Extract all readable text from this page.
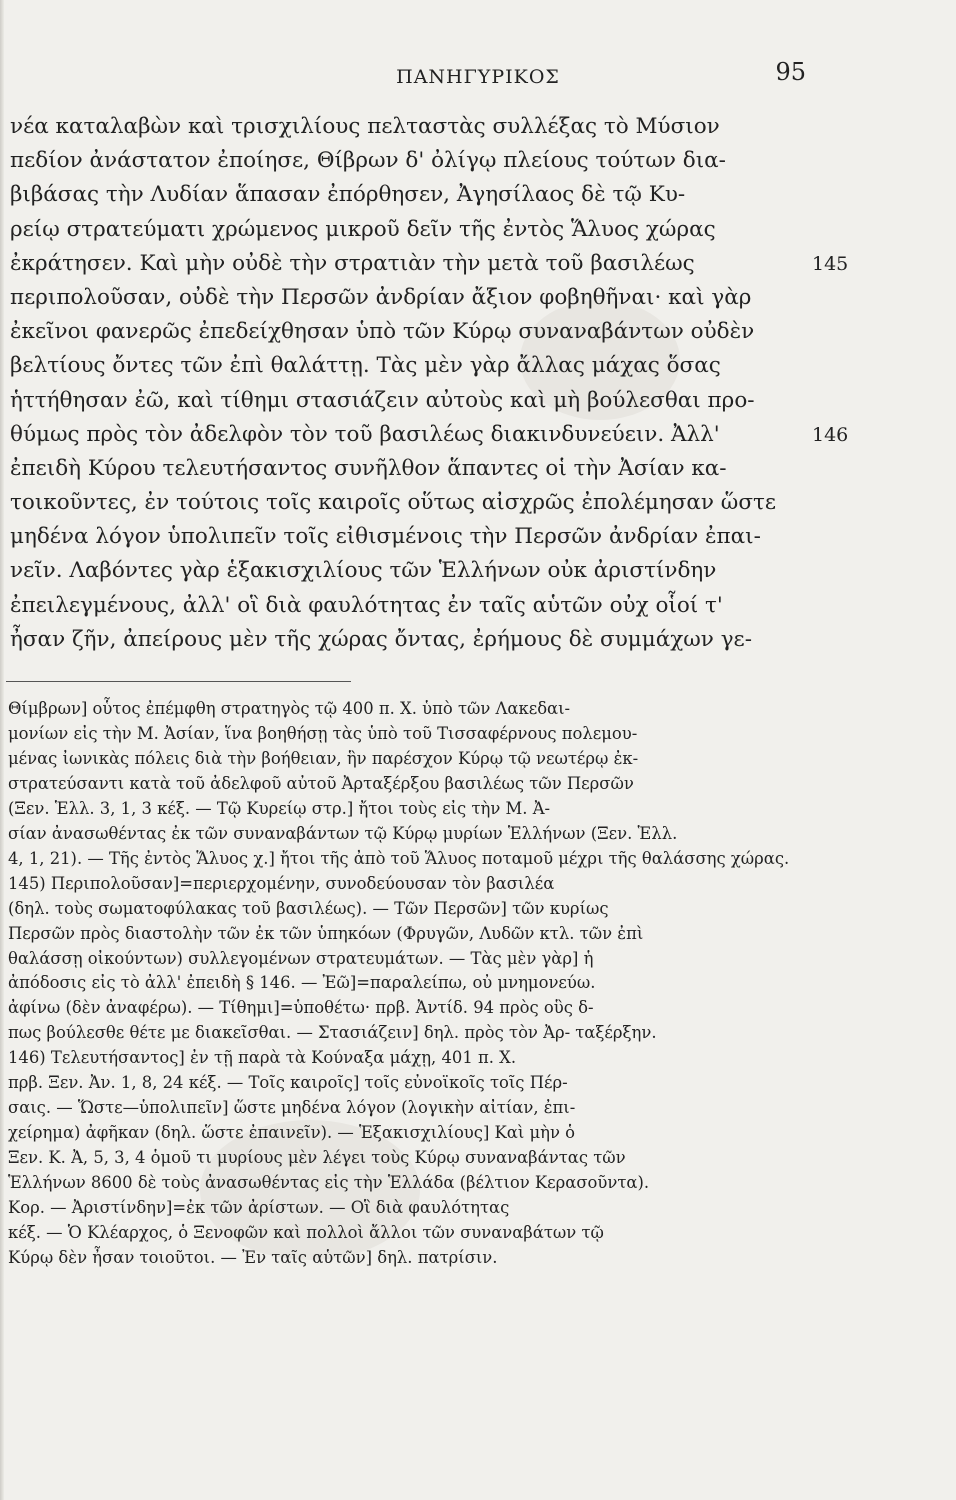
ΠΑΝΗΓΥΡΙΚΟΣ	95
νέα καταλαβὼν καὶ τρισχιλίους πελταστὰς συλλέξας τὸ Μύσιον πεδίον ἀνάστατον ἐποίησε, Θίβρων δ' ὀλίγῳ πλείους τούτων δια- βιβάσας τὴν Λυδίαν ἅπασαν ἐπόρθησεν, Ἀγησίλαος δὲ τῷ Κυ- ρείῳ στρατεύματι χρώμενος μικροῦ δεῖν τῆς ἐντὸς Ἅλυος χώρας
ἐκράτησεν. Καὶ μὴν οὐδὲ τὴν στρατιὰν τὴν μετὰ τοῦ βασιλέως	145
περιπολοῦσαν, οὐδὲ τὴν Περσῶν ἀνδρίαν ἄξιον φοβηθῆναι· καὶ γὰρ ἐκεῖνοι φανερῶς ἐπεδείχθησαν ὑπὸ τῶν Κύρῳ συναναβάντων οὐδὲν βελτίους ὄντες τῶν ἐπὶ θαλάττῃ. Τὰς μὲν γὰρ ἄλλας μάχας ὅσας ἡττήθησαν ἐῶ, καὶ τίθημι στασιάζειν αὐτοὺς καὶ μὴ βούλεσθαι προ-
θύμως πρὸς τὸν ἀδελφὸν τὸν τοῦ βασιλέως διακινδυνεύειν. Ἀλλ'	146
ἐπειδὴ Κύρου τελευτήσαντος συνῆλθον ἅπαντες οἱ τὴν Ἀσίαν κα- τοικοῦντες, ἐν τούτοις τοῖς καιροῖς οὕτως αἰσχρῶς ἐπολέμησαν ὥστε μηδένα λόγον ὑπολιπεῖν τοῖς εἰθισμένοις τὴν Περσῶν ἀνδρίαν ἐπαι- νεῖν. Λαβόντες γὰρ ἑξακισχιλίους τῶν Ἑλλήνων οὐκ ἀριστίνδην ἐπειλεγμένους, ἀλλ' οἳ διὰ φαυλότητας ἐν ταῖς αὑτῶν οὐχ οἷοί τ' ἦσαν ζῆν, ἀπείρους μὲν τῆς χώρας ὄντας, ἐρήμους δὲ συμμάχων γε-
Θίμβρων] οὗτος ἐπέμφθη στρατηγὸς τῷ 400 π. Χ. ὑπὸ τῶν Λακεδαι- μονίων εἰς τὴν Μ. Ἀσίαν, ἵνα βοηθήσῃ τὰς ὑπὸ τοῦ Τισσαφέρνους πολεμου- μένας ἰωνικὰς πόλεις διὰ τὴν βοήθειαν, ἣν παρέσχον Κύρῳ τῷ νεωτέρῳ ἐκ- στρατεύσαντι κατὰ τοῦ ἀδελφοῦ αὐτοῦ Ἀρταξέρξου βασιλέως τῶν Περσῶν (Ξεν. Ἑλλ. 3, 1, 3 κέξ. — Τῷ Κυρείῳ στρ.] ἤτοι τοὺς εἰς τὴν Μ. Ἀ- σίαν ἀνασωθέντας ἐκ τῶν συναναβάντων τῷ Κύρῳ μυρίων Ἑλλήνων (Ξεν. Ἑλλ. 4, 1, 21). — Τῆς ἐντὸς Ἅλυος χ.] ἤτοι τῆς ἀπὸ τοῦ Ἅλυος ποταμοῦ μέχρι τῆς θαλάσσης χώρας. 145) Περιπολοῦσαν]=περιερχομένην, συνοδεύουσαν τὸν βασιλέα (δηλ. τοὺς σωματοφύλακας τοῦ βασιλέως). — Τῶν Περσῶν] τῶν κυρίως Περσῶν πρὸς διαστολὴν τῶν ἐκ τῶν ὑπηκόων (Φρυγῶν, Λυδῶν κτλ. τῶν ἐπὶ θαλάσσῃ οἰκούντων) συλλεγομένων στρατευμάτων. — Τὰς μὲν γὰρ] ἡ ἀπόδοσις εἰς τὸ ἀλλ' ἐπειδὴ § 146. — Ἐῶ]=παραλείπω, οὐ μνημονεύω. ἀφίνω (δὲν ἀναφέρω). — Τίθημι]=ὑποθέτω· πρβ. Ἀντίδ. 94 πρὸς οὓς δ- πως βούλεσθε θέτε με διακεῖσθαι. — Στασιάζειν] δηλ. πρὸς τὸν Ἀρ- ταξέρξην. 146) Τελευτήσαντος] ἐν τῇ παρὰ τὰ Κούναξα μάχῃ, 401 π. Χ. πρβ. Ξεν. Ἀν. 1, 8, 24 κέξ. — Τοῖς καιροῖς] τοῖς εὐνοϊκοῖς τοῖς Πέρ- σαις. — Ὥστε—ὑπολιπεῖν] ὥστε μηδένα λόγον (λογικὴν αἰτίαν, ἐπι- χείρημα) ἀφῆκαν (δηλ. ὥστε ἐπαινεῖν). — Ἑξακισχιλίους] Καὶ μὴν ὁ Ξεν. Κ. Ἀ, 5, 3, 4 ὁμοῦ τι μυρίους μὲν λέγει τοὺς Κύρῳ συναναβάντας τῶν Ἑλλήνων 8600 δὲ τοὺς ἀνασωθέντας εἰς τὴν Ἑλλάδα (βέλτιον Κερασοῦντα). Κορ. — Ἀριστίνδην]=ἐκ τῶν ἀρίστων. — Οἳ διὰ φαυλότητας κέξ. — Ὁ Κλέαρχος, ὁ Ξενοφῶν καὶ πολλοὶ ἄλλοι τῶν συναναβάτων τῷ Κύρῳ δὲν ἦσαν τοιοῦτοι. — Ἐν ταῖς αὑτῶν] δηλ. πατρίσιν.
